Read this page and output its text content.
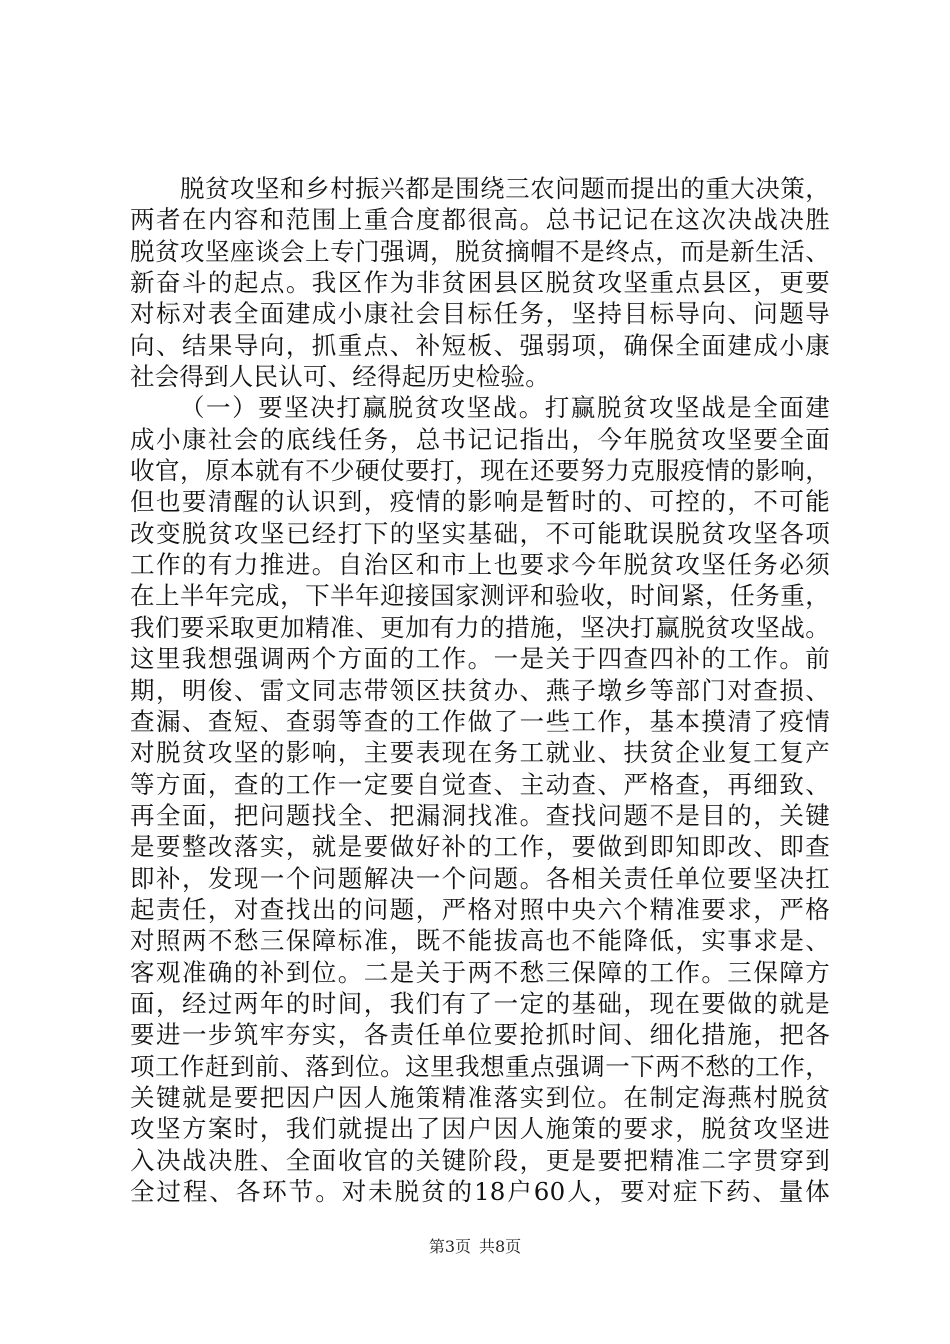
脱贫攻坚和乡村振兴都是围绕三农问题而提出的重大决策，
两者在内容和范围上重合度都很高。总书记记在这次决战决胜
脱贫攻坚座谈会上专门强调，脱贫摘帽不是终点，而是新生活、
新奋斗的起点。我区作为非贫困县区脱贫攻坚重点县区，更要
对标对表全面建成小康社会目标任务，坚持目标导向、问题导
向、结果导向，抓重点、补短板、强弱项，确保全面建成小康
社会得到人民认可、经得起历史检验。
（一）要坚决打赢脱贫攻坚战。打赢脱贫攻坚战是全面建
成小康社会的底线任务，总书记记指出，今年脱贫攻坚要全面
收官，原本就有不少硬仗要打，现在还要努力克服疫情的影响，
但也要清醒的认识到，疫情的影响是暂时的、可控的，不可能
改变脱贫攻坚已经打下的坚实基础，不可能耽误脱贫攻坚各项
工作的有力推进。自治区和市上也要求今年脱贫攻坚任务必须
在上半年完成，下半年迎接国家测评和验收，时间紧，任务重，
我们要采取更加精准、更加有力的措施，坚决打赢脱贫攻坚战。
这里我想强调两个方面的工作。一是关于四查四补的工作。前
期，明俊、雷文同志带领区扶贫办、燕子墩乡等部门对查损、
查漏、查短、查弱等查的工作做了一些工作，基本摸清了疫情
对脱贫攻坚的影响，主要表现在务工就业、扶贫企业复工复产
等方面，查的工作一定要自觉查、主动查、严格查，再细致、
再全面，把问题找全、把漏洞找准。查找问题不是目的，关键
是要整改落实，就是要做好补的工作，要做到即知即改、即查
即补，发现一个问题解决一个问题。各相关责任单位要坚决扛
起责任，对查找出的问题，严格对照中央六个精准要求，严格
对照两不愁三保障标准，既不能拔高也不能降低，实事求是、
客观准确的补到位。二是关于两不愁三保障的工作。三保障方
面，经过两年的时间，我们有了一定的基础，现在要做的就是
要进一步筑牢夯实，各责任单位要抢抓时间、细化措施，把各
项工作赶到前、落到位。这里我想重点强调一下两不愁的工作，
关键就是要把因户因人施策精准落实到位。在制定海燕村脱贫
攻坚方案时，我们就提出了因户因人施策的要求，脱贫攻坚进
入决战决胜、全面收官的关键阶段，更是要把精准二字贯穿到
全过程、各环节。对未脱贫的18户60人，要对症下药、量体
第3页 共8页
